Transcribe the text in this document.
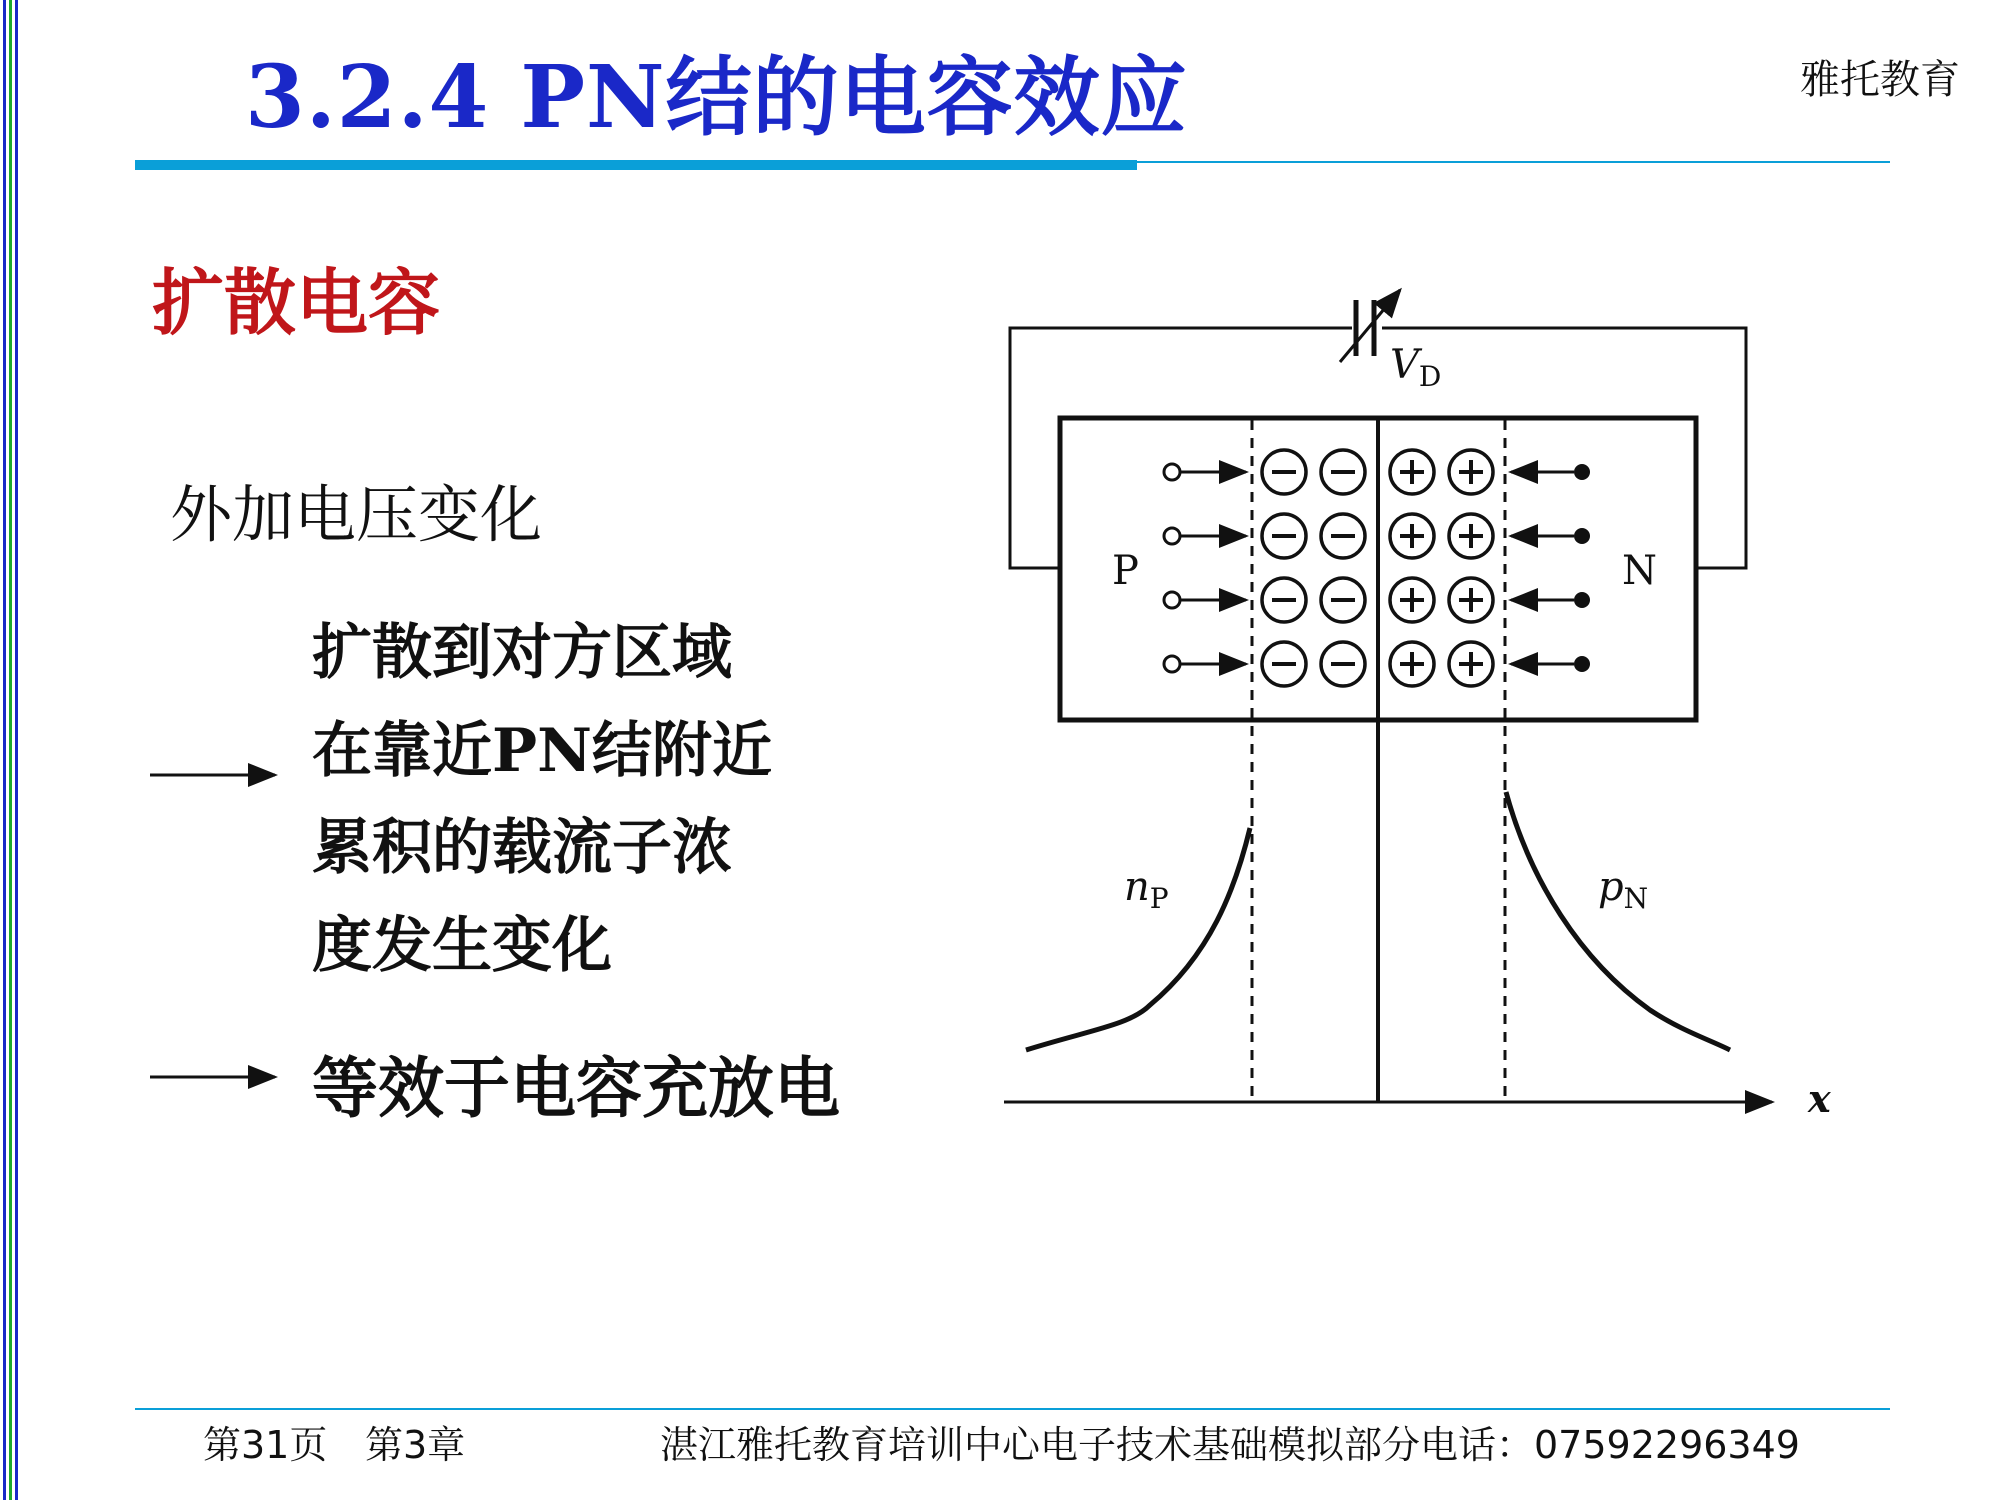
3.2.4 PN结的电容效应	雅托教育
扩散电容
外加电压变化
扩散到对方区域
在靠近PN结附近
累积的载流子浓
度发生变化
等效于电容充放电
$V_D$
P	N
$n_P$	$p_N$
x
第31页 第3章	湛江雅托教育培训中心电子技术基础模拟部分电话：07592296349
